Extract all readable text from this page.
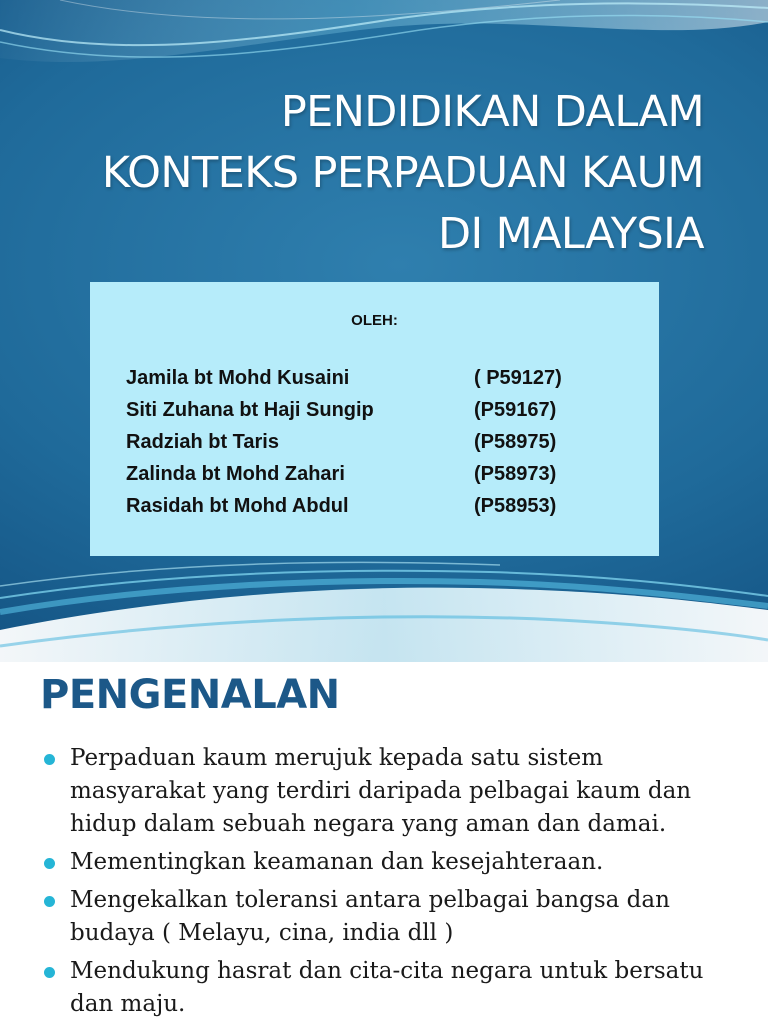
PENDIDIKAN DALAM
KONTEKS PERPADUAN KAUM
DI MALAYSIA
OLEH:
Jamila bt Mohd Kusaini	( P59127)
Siti Zuhana bt Haji Sungip	(P59167)
Radziah bt Taris	(P58975)
Zalinda bt Mohd Zahari	(P58973)
Rasidah bt Mohd Abdul	(P58953)
PENGENALAN
Perpaduan kaum merujuk kepada satu sistem masyarakat yang terdiri daripada pelbagai kaum dan hidup dalam sebuah negara yang aman dan damai.
Mementingkan keamanan dan kesejahteraan.
Mengekalkan toleransi antara pelbagai bangsa dan budaya ( Melayu, cina, india dll )
Mendukung hasrat dan cita-cita negara untuk bersatu dan maju.
